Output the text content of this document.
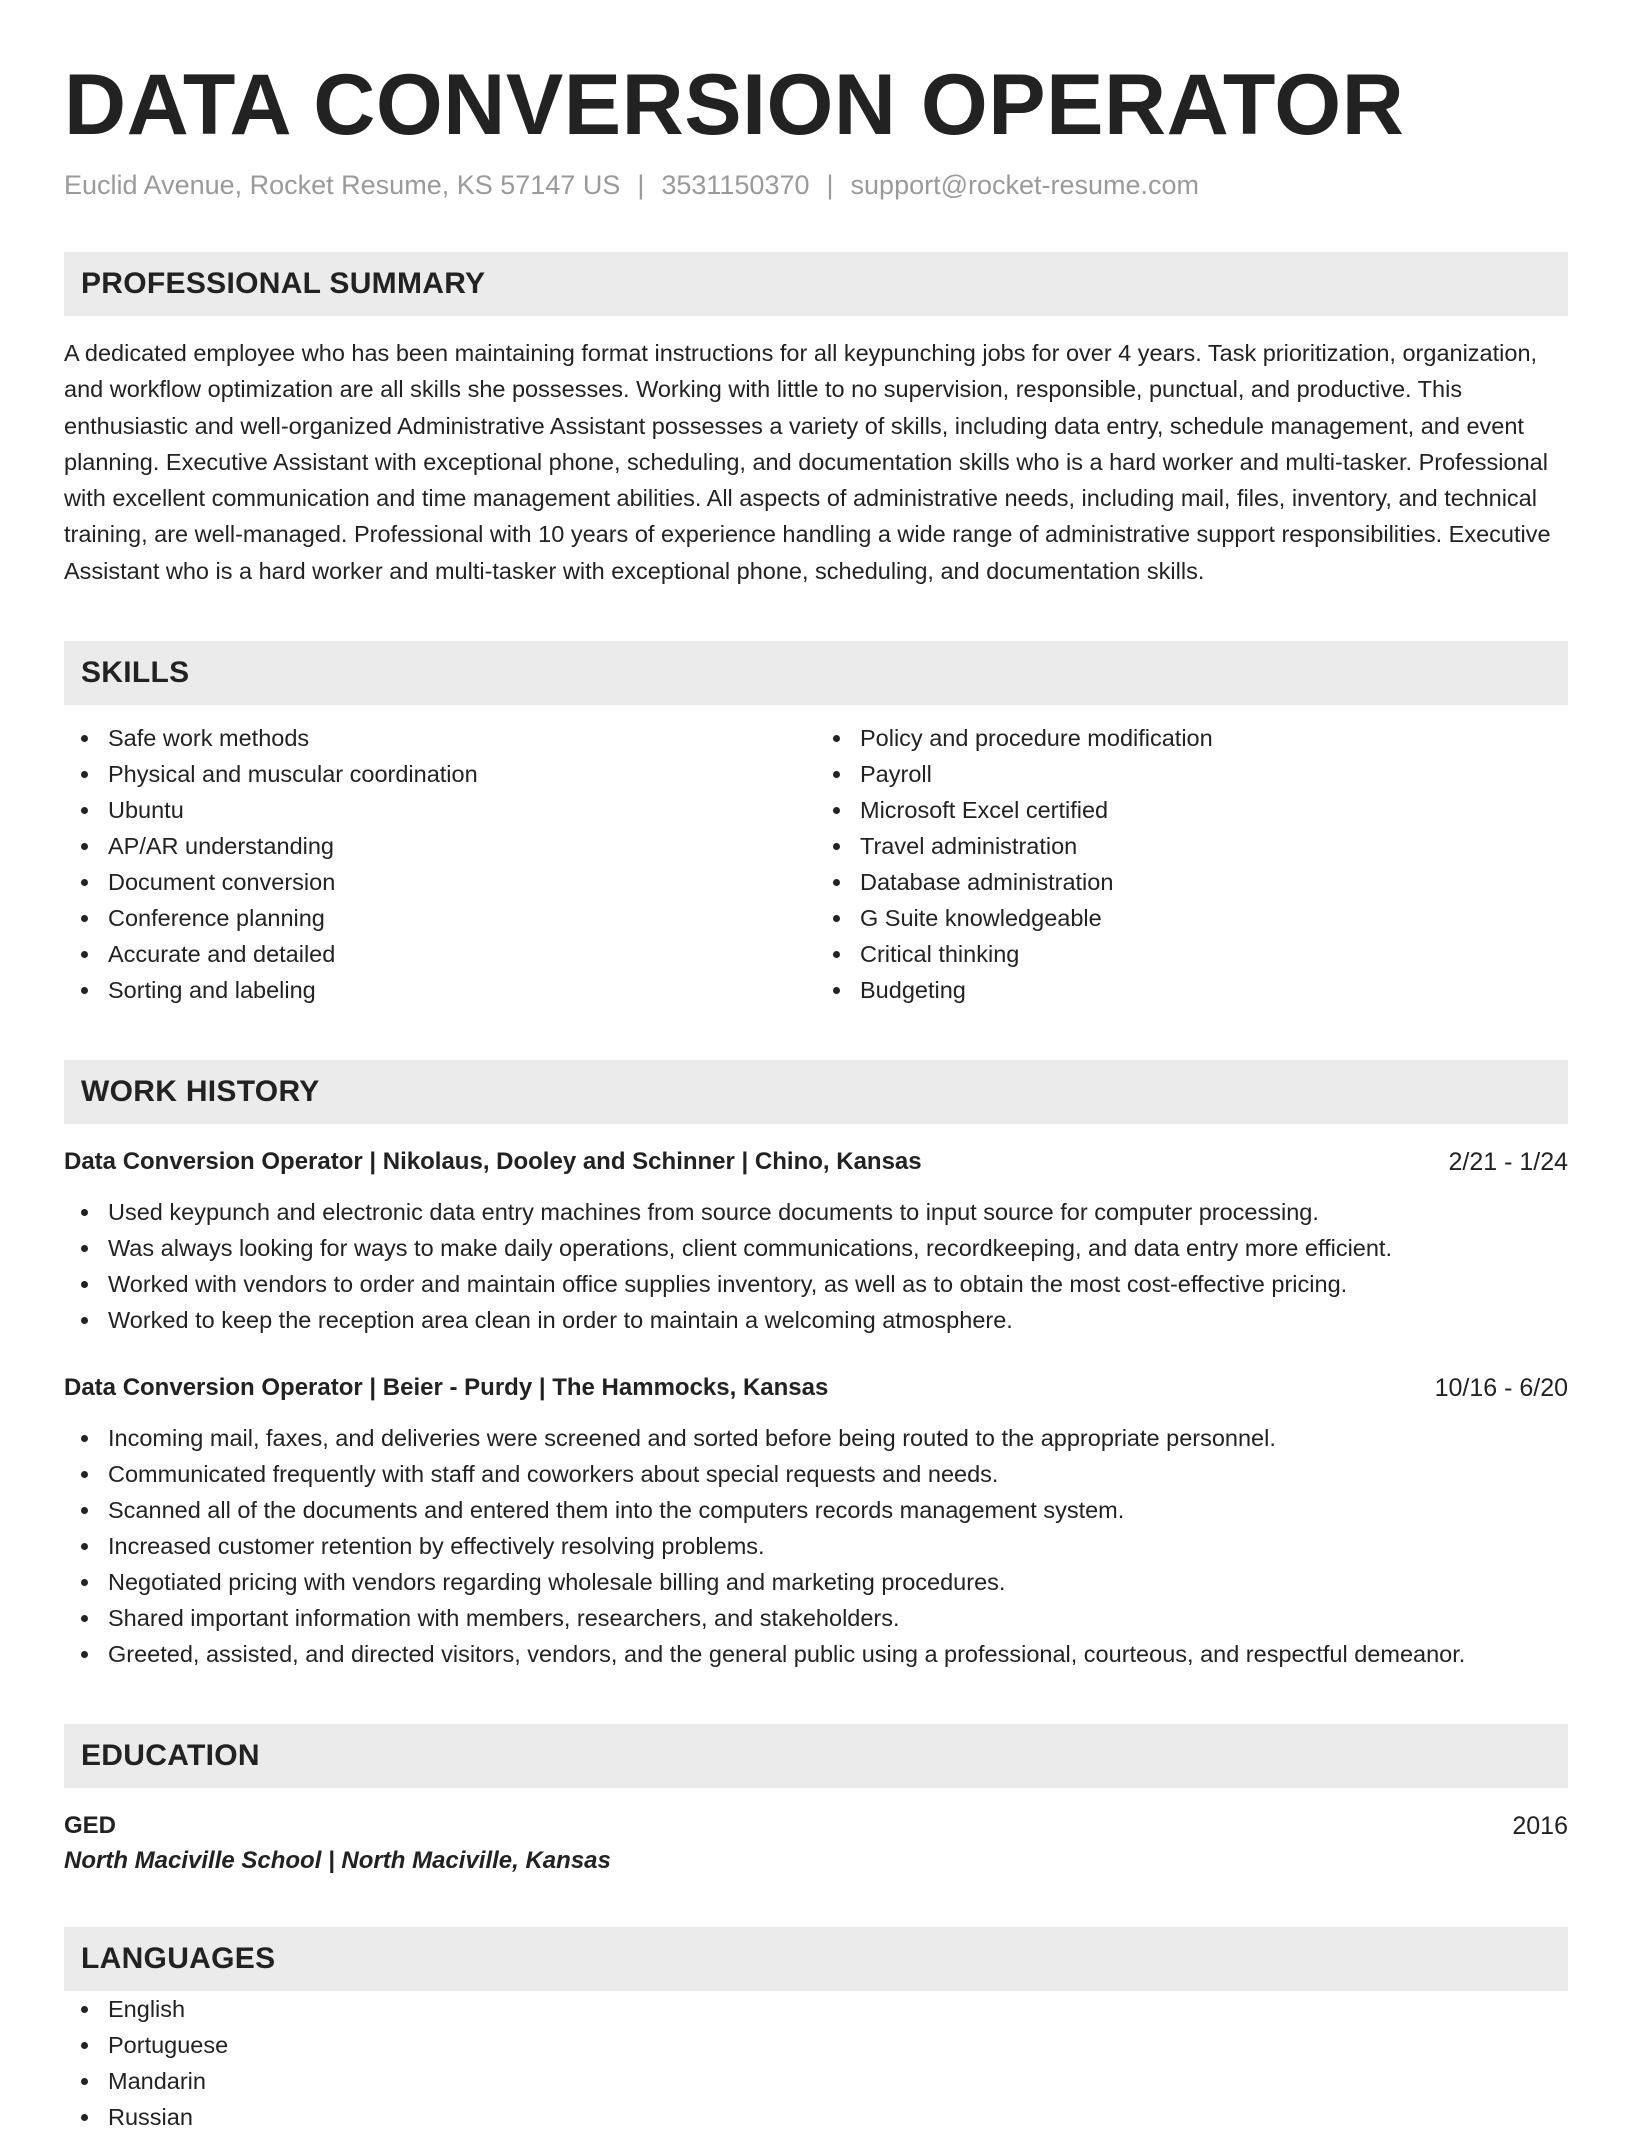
DATA CONVERSION OPERATOR
Euclid Avenue, Rocket Resume, KS 57147 US | 3531150370 | support@rocket-resume.com
PROFESSIONAL SUMMARY
A dedicated employee who has been maintaining format instructions for all keypunching jobs for over 4 years. Task prioritization, organization, and workflow optimization are all skills she possesses. Working with little to no supervision, responsible, punctual, and productive. This enthusiastic and well-organized Administrative Assistant possesses a variety of skills, including data entry, schedule management, and event planning. Executive Assistant with exceptional phone, scheduling, and documentation skills who is a hard worker and multi-tasker. Professional with excellent communication and time management abilities. All aspects of administrative needs, including mail, files, inventory, and technical training, are well-managed. Professional with 10 years of experience handling a wide range of administrative support responsibilities. Executive Assistant who is a hard worker and multi-tasker with exceptional phone, scheduling, and documentation skills.
SKILLS
Safe work methods
Physical and muscular coordination
Ubuntu
AP/AR understanding
Document conversion
Conference planning
Accurate and detailed
Sorting and labeling
Policy and procedure modification
Payroll
Microsoft Excel certified
Travel administration
Database administration
G Suite knowledgeable
Critical thinking
Budgeting
WORK HISTORY
Data Conversion Operator | Nikolaus, Dooley and Schinner | Chino, Kansas	2/21 - 1/24
Used keypunch and electronic data entry machines from source documents to input source for computer processing.
Was always looking for ways to make daily operations, client communications, recordkeeping, and data entry more efficient.
Worked with vendors to order and maintain office supplies inventory, as well as to obtain the most cost-effective pricing.
Worked to keep the reception area clean in order to maintain a welcoming atmosphere.
Data Conversion Operator | Beier - Purdy | The Hammocks, Kansas	10/16 - 6/20
Incoming mail, faxes, and deliveries were screened and sorted before being routed to the appropriate personnel.
Communicated frequently with staff and coworkers about special requests and needs.
Scanned all of the documents and entered them into the computers records management system.
Increased customer retention by effectively resolving problems.
Negotiated pricing with vendors regarding wholesale billing and marketing procedures.
Shared important information with members, researchers, and stakeholders.
Greeted, assisted, and directed visitors, vendors, and the general public using a professional, courteous, and respectful demeanor.
EDUCATION
GED	2016
North Maciville School | North Maciville, Kansas
LANGUAGES
English
Portuguese
Mandarin
Russian
